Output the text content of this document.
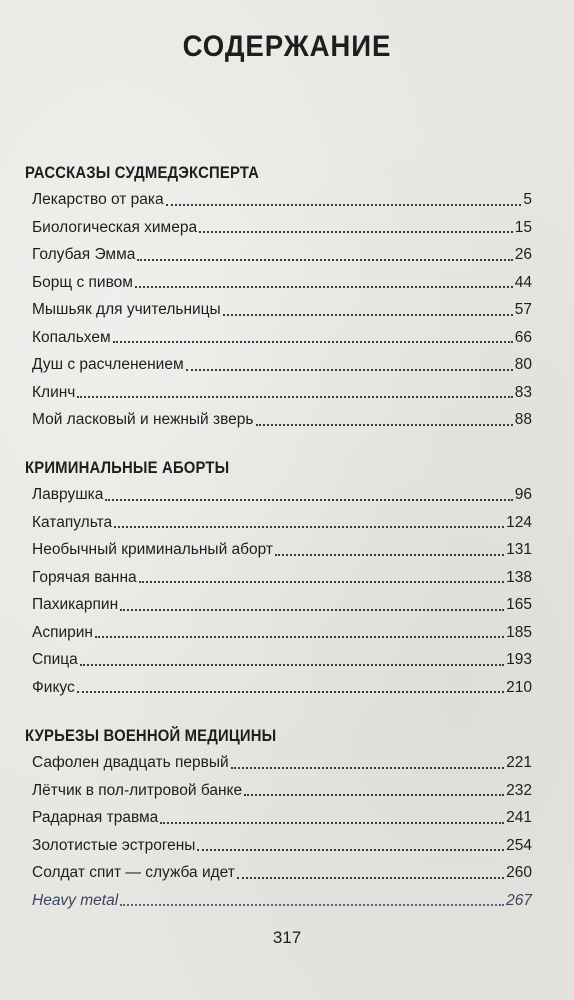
СОДЕРЖАНИЕ
РАССКАЗЫ СУДМЕДЭКСПЕРТА
Лекарство от рака	5
Биологическая химера	15
Голубая Эмма	26
Борщ с пивом	44
Мышьяк для учительницы	57
Копальхем	66
Душ с расчленением	80
Клинч	83
Мой ласковый и нежный зверь	88
КРИМИНАЛЬНЫЕ АБОРТЫ
Лаврушка	96
Катапульта	124
Необычный криминальный аборт	131
Горячая ванна	138
Пахикарпин	165
Аспирин	185
Спица	193
Фикус	210
КУРЬЕЗЫ ВОЕННОЙ МЕДИЦИНЫ
Сафолен двадцать первый	221
Лётчик в пол-литровой банке	232
Радарная травма	241
Золотистые эстрогены	254
Солдат спит — служба идет	260
Heavy metal	267
317
